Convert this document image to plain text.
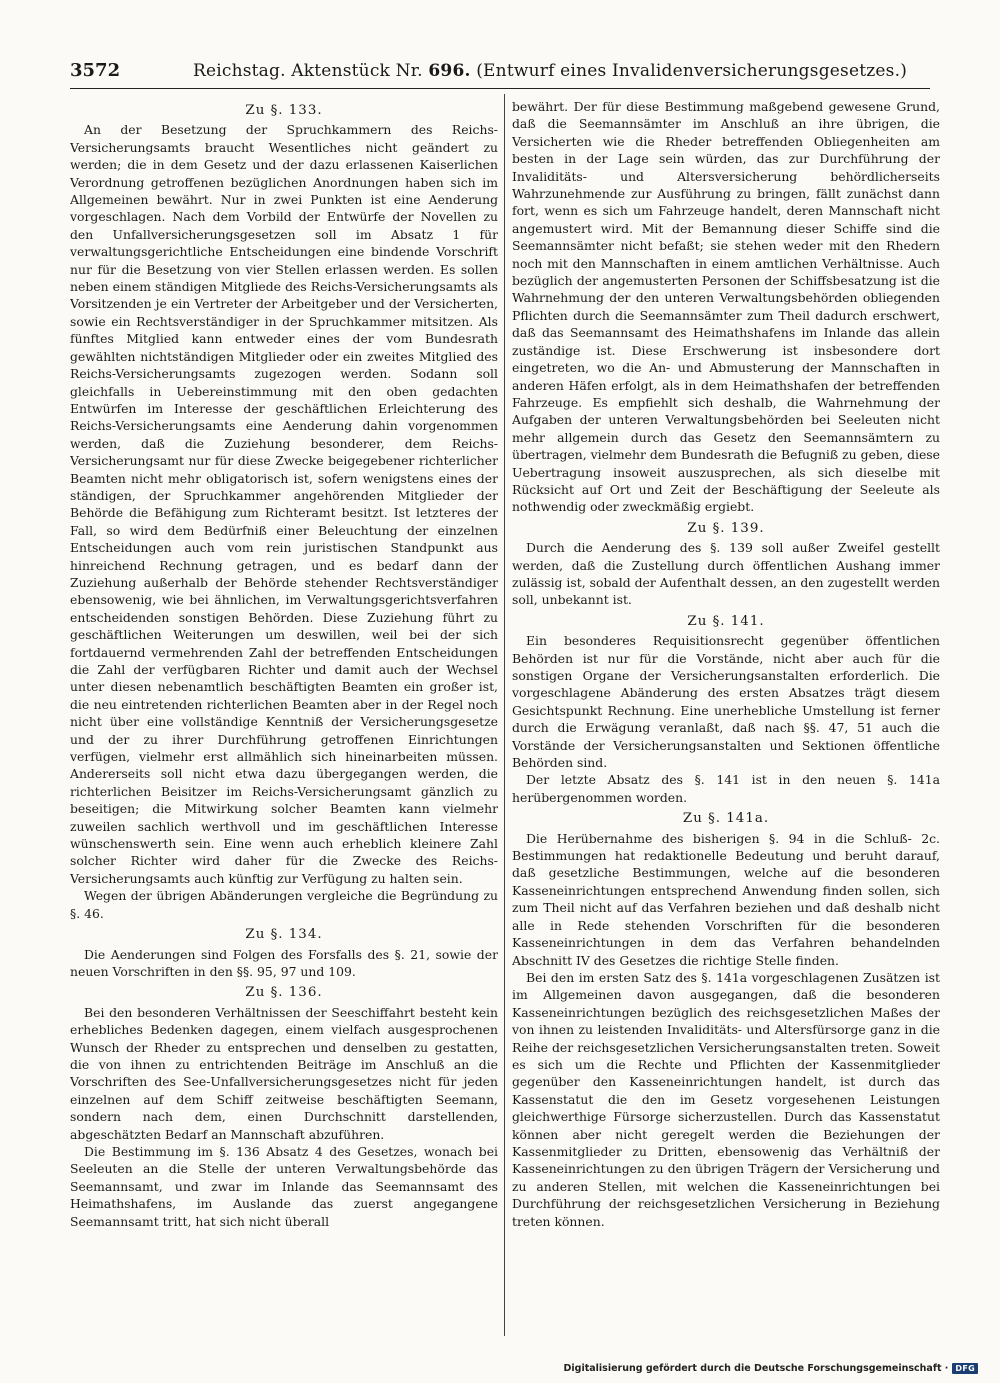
3572	Reichstag. Aktenstück Nr. 696. (Entwurf eines Invalidenversicherungsgesetzes.)
Zu §. 133.

An der Besetzung der Spruchkammern des Reichs-Versicherungsamts braucht Wesentliches nicht geändert zu werden; die in dem Gesetz und der dazu erlassenen Kaiserlichen Verordnung getroffenen bezüglichen Anordnungen haben sich im Allgemeinen bewährt. Nur in zwei Punkten ist eine Aenderung vorgeschlagen. Nach dem Vorbild der Entwürfe der Novellen zu den Unfallversicherungsgesetzen soll im Absatz 1 für verwaltungsgerichtliche Entscheidungen eine bindende Vorschrift nur für die Besetzung von vier Stellen erlassen werden. Es sollen neben einem ständigen Mitgliede des Reichs-Versicherungsamts als Vorsitzenden je ein Vertreter der Arbeitgeber und der Versicherten, sowie ein Rechtsverständiger in der Spruchkammer mitsitzen. Als fünftes Mitglied kann entweder eines der vom Bundesrath gewählten nichtständigen Mitglieder oder ein zweites Mitglied des Reichs-Versicherungsamts zugezogen werden. Sodann soll gleichfalls in Uebereinstimmung mit den oben gedachten Entwürfen im Interesse der geschäftlichen Erleichterung des Reichs-Versicherungsamts eine Aenderung dahin vorgenommen werden, daß die Zuziehung besonderer, dem Reichs-Versicherungsamt nur für diese Zwecke beigegebener richterlicher Beamten nicht mehr obligatorisch ist, sofern wenigstens eines der ständigen, der Spruchkammer angehörenden Mitglieder der Behörde die Befähigung zum Richteramt besitzt. Ist letzteres der Fall, so wird dem Bedürfniß einer Beleuchtung der einzelnen Entscheidungen auch vom rein juristischen Standpunkt aus hinreichend Rechnung getragen, und es bedarf dann der Zuziehung außerhalb der Behörde stehender Rechtsverständiger ebensowenig, wie bei ähnlichen, im Verwaltungsgerichtsverfahren entscheidenden sonstigen Behörden. Diese Zuziehung führt zu geschäftlichen Weiterungen um deswillen, weil bei der sich fortdauernd vermehrenden Zahl der betreffenden Entscheidungen die Zahl der verfügbaren Richter und damit auch der Wechsel unter diesen nebenamtlich beschäftigten Beamten ein großer ist, die neu eintretenden richterlichen Beamten aber in der Regel noch nicht über eine vollständige Kenntniß der Versicherungsgesetze und der zu ihrer Durchführung getroffenen Einrichtungen verfügen, vielmehr erst allmählich sich hineinarbeiten müssen. Andererseits soll nicht etwa dazu übergegangen werden, die richterlichen Beisitzer im Reichs-Versicherungsamt gänzlich zu beseitigen; die Mitwirkung solcher Beamten kann vielmehr zuweilen sachlich werthvoll und im geschäftlichen Interesse wünschenswerth sein. Eine wenn auch erheblich kleinere Zahl solcher Richter wird daher für die Zwecke des Reichs-Versicherungsamts auch künftig zur Verfügung zu halten sein.

Wegen der übrigen Abänderungen vergleiche die Begründung zu §. 46.

Zu §. 134.

Die Aenderungen sind Folgen des Forsfalls des §. 21, sowie der neuen Vorschriften in den §§. 95, 97 und 109.

Zu §. 136.

Bei den besonderen Verhältnissen der Seeschiffahrt besteht kein erhebliches Bedenken dagegen, einem vielfach ausgesprochenen Wunsch der Rheder zu entsprechen und denselben zu gestatten, die von ihnen zu entrichtenden Beiträge im Anschluß an die Vorschriften des See-Unfallversicherungsgesetzes nicht für jeden einzelnen auf dem Schiff zeitweise beschäftigten Seemann, sondern nach dem, einen Durchschnitt darstellenden, abgeschätzten Bedarf an Mannschaft abzuführen.

Die Bestimmung im §. 136 Absatz 4 des Gesetzes, wonach bei Seeleuten an die Stelle der unteren Verwaltungsbehörde das Seemannsamt, und zwar im Inlande das Seemannsamt des Heimathshafens, im Auslande das zuerst angegangene Seemannsamt tritt, hat sich nicht überall

bewährt. Der für diese Bestimmung maßgebend gewesene Grund, daß die Seemannsämter im Anschluß an ihre übrigen, die Versicherten wie die Rheder betreffenden Obliegenheiten am besten in der Lage sein würden, das zur Durchführung der Invaliditäts- und Altersversicherung behördlicherseits Wahrzunehmende zur Ausführung zu bringen, fällt zunächst dann fort, wenn es sich um Fahrzeuge handelt, deren Mannschaft nicht angemustert wird. Mit der Bemannung dieser Schiffe sind die Seemannsämter nicht befaßt; sie stehen weder mit den Rhedern noch mit den Mannschaften in einem amtlichen Verhältnisse. Auch bezüglich der angemusterten Personen der Schiffsbesatzung ist die Wahrnehmung der den unteren Verwaltungsbehörden obliegenden Pflichten durch die Seemannsämter zum Theil dadurch erschwert, daß das Seemannsamt des Heimathshafens im Inlande das allein zuständige ist. Diese Erschwerung ist insbesondere dort eingetreten, wo die An- und Abmusterung der Mannschaften in anderen Häfen erfolgt, als in dem Heimathshafen der betreffenden Fahrzeuge. Es empfiehlt sich deshalb, die Wahrnehmung der Aufgaben der unteren Verwaltungsbehörden bei Seeleuten nicht mehr allgemein durch das Gesetz den Seemannsämtern zu übertragen, vielmehr dem Bundesrath die Befugniß zu geben, diese Uebertragung insoweit auszusprechen, als sich dieselbe mit Rücksicht auf Ort und Zeit der Beschäftigung der Seeleute als nothwendig oder zweckmäßig ergiebt.

Zu §. 139.

Durch die Aenderung des §. 139 soll außer Zweifel gestellt werden, daß die Zustellung durch öffentlichen Aushang immer zulässig ist, sobald der Aufenthalt dessen, an den zugestellt werden soll, unbekannt ist.

Zu §. 141.

Ein besonderes Requisitionsrecht gegenüber öffentlichen Behörden ist nur für die Vorstände, nicht aber auch für die sonstigen Organe der Versicherungsanstalten erforderlich. Die vorgeschlagene Abänderung des ersten Absatzes trägt diesem Gesichtspunkt Rechnung. Eine unerhebliche Umstellung ist ferner durch die Erwägung veranlaßt, daß nach §§. 47, 51 auch die Vorstände der Versicherungsanstalten und Sektionen öffentliche Behörden sind.

Der letzte Absatz des §. 141 ist in den neuen §. 141a herübergenommen worden.

Zu §. 141a.

Die Herübernahme des bisherigen §. 94 in die Schluß- 2c. Bestimmungen hat redaktionelle Bedeutung und beruht darauf, daß gesetzliche Bestimmungen, welche auf die besonderen Kasseneinrichtungen entsprechend Anwendung finden sollen, sich zum Theil nicht auf das Verfahren beziehen und daß deshalb nicht alle in Rede stehenden Vorschriften für die besonderen Kasseneinrichtungen in dem das Verfahren behandelnden Abschnitt IV des Gesetzes die richtige Stelle finden.

Bei den im ersten Satz des §. 141a vorgeschlagenen Zusätzen ist im Allgemeinen davon ausgegangen, daß die besonderen Kasseneinrichtungen bezüglich des reichsgesetzlichen Maßes der von ihnen zu leistenden Invaliditäts- und Altersfürsorge ganz in die Reihe der reichsgesetzlichen Versicherungsanstalten treten. Soweit es sich um die Rechte und Pflichten der Kassenmitglieder gegenüber den Kasseneinrichtungen handelt, ist durch das Kassenstatut die den im Gesetz vorgesehenen Leistungen gleichwerthige Fürsorge sicherzustellen. Durch das Kassenstatut können aber nicht geregelt werden die Beziehungen der Kassenmitglieder zu Dritten, ebensowenig das Verhältniß der Kasseneinrichtungen zu den übrigen Trägern der Versicherung und zu anderen Stellen, mit welchen die Kasseneinrichtungen bei Durchführung der reichsgesetzlichen Versicherung in Beziehung treten können.

Digitalisierung gefördert durch die Deutsche Forschungsgemeinschaft · DFG
